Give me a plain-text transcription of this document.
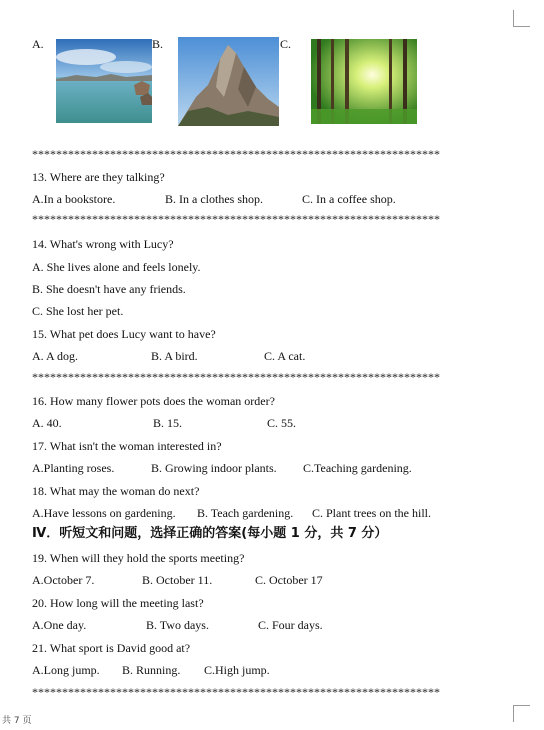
A.	B.	C.
********************************************************************
13. Where are they talking?
A.In a bookstore.	B. In a clothes shop.	C. In a coffee shop.
********************************************************************
14. What's wrong with Lucy?
A. She lives alone and feels lonely.
B. She doesn't have any friends.
C. She lost her pet.
15. What pet does Lucy want to have?
A. A dog.	B. A bird.	C. A cat.
********************************************************************
16. How many flower pots does the woman order?
A. 40.	B. 15.	C. 55.
17. What isn't the woman interested in?
A.Planting roses.	B. Growing indoor plants. C.Teaching gardening.
18. What may the woman do next?
A.Have lessons on gardening. B. Teach gardening. C. Plant trees on the hill.
Ⅳ．听短文和问题，选择正确的答案(每小题 1 分，共 7 分）
19. When will they hold the sports meeting?
A.October 7.	B. October 11.	C. October 17
20. How long will the meeting last?
A.One day.	B. Two days.	C. Four days.
21. What sport is David good at?
A.Long jump. B. Running. C.High jump.
********************************************************************
共 7 页
